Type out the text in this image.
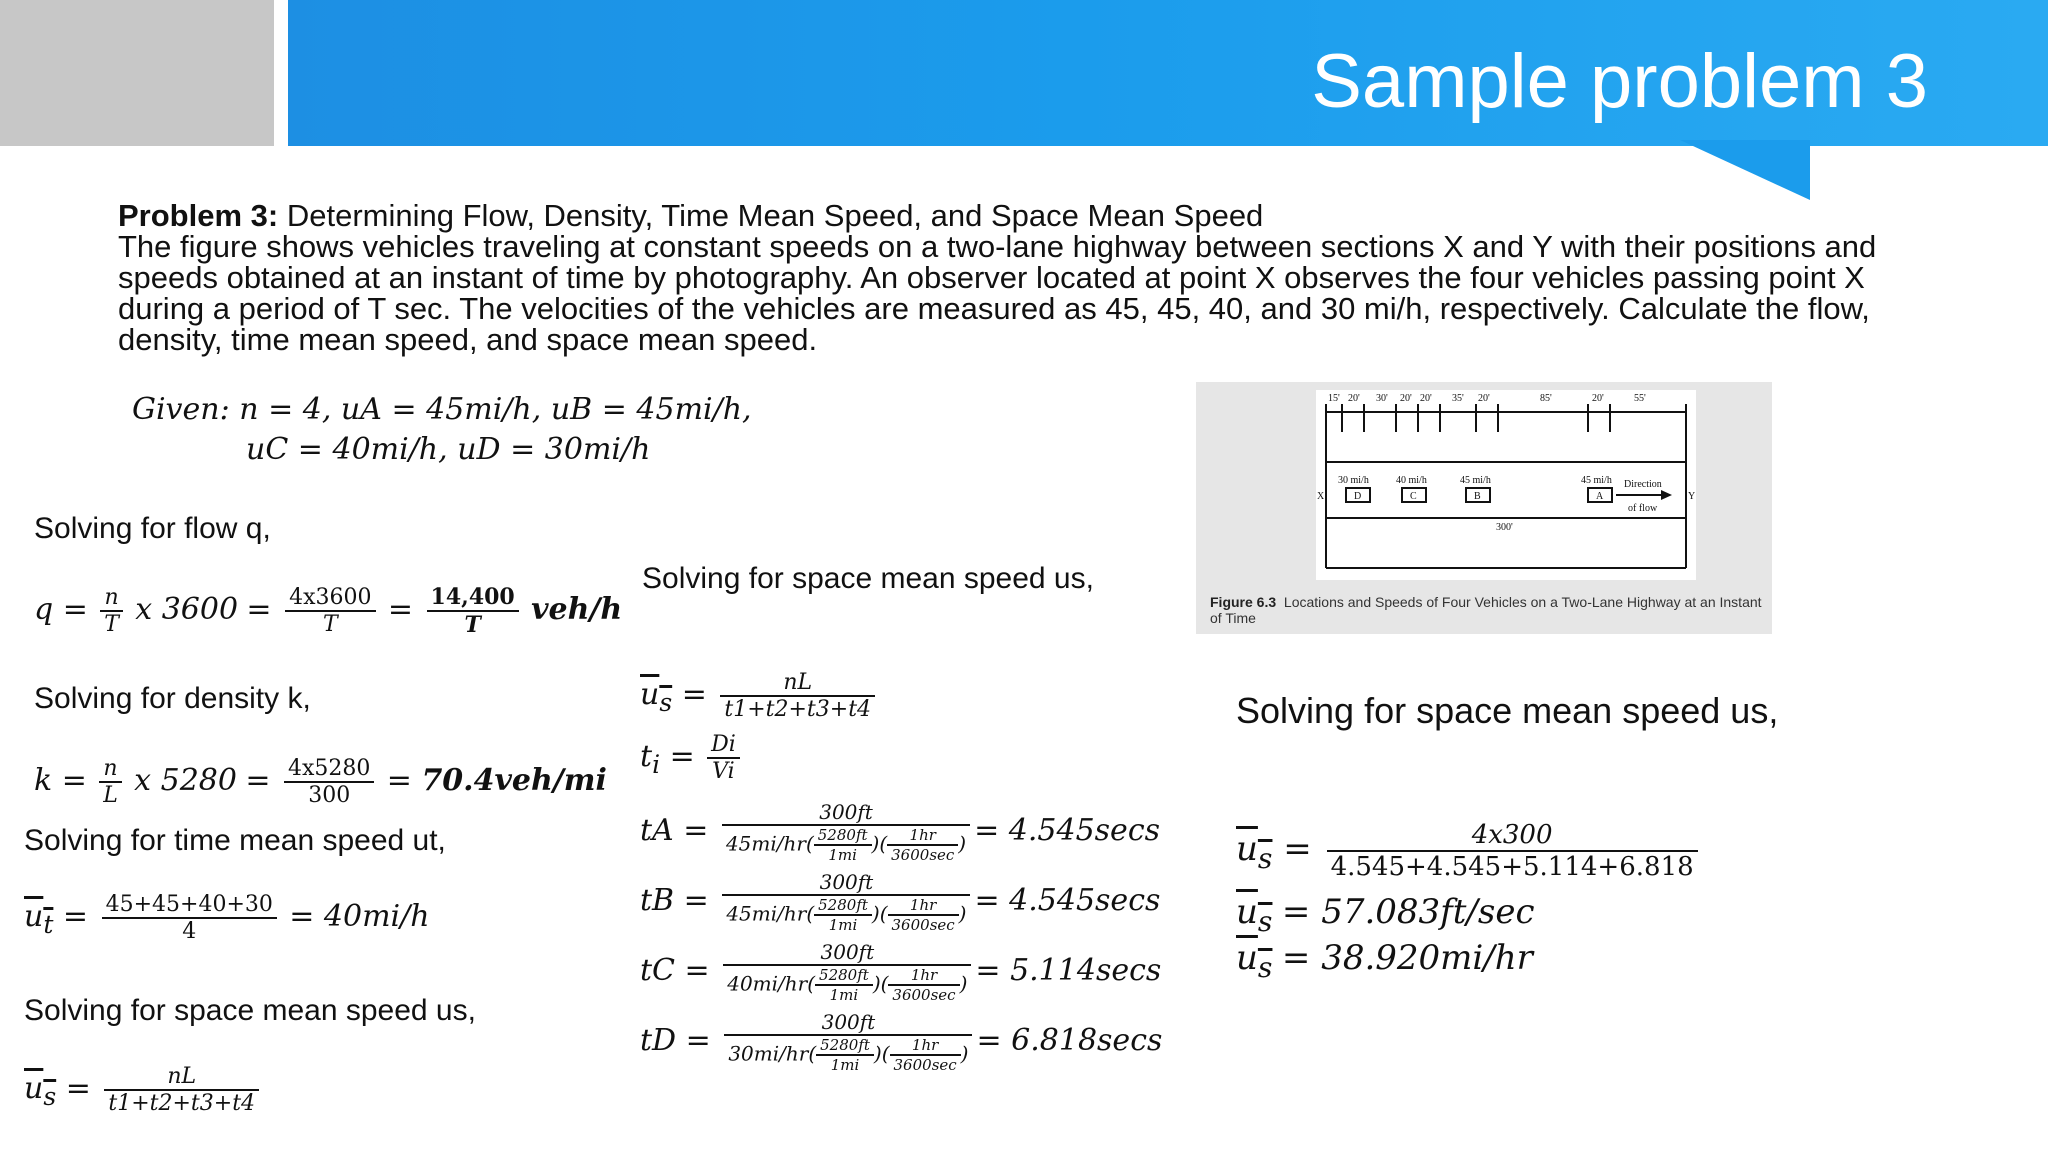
Sample problem 3
Problem 3: Determining Flow, Density, Time Mean Speed, and Space Mean Speed
The figure shows vehicles traveling at constant speeds on a two-lane highway between sections X and Y with their positions and speeds obtained at an instant of time by photography. An observer located at point X observes the four vehicles passing point X during a period of T sec. The velocities of the vehicles are measured as 45, 45, 40, and 30 mi/h, respectively. Calculate the flow, density, time mean speed, and space mean speed.
Given: n = 4, uA = 45mi/h, uB = 45mi/h,
uC = 40mi/h, uD = 30mi/h
Solving for flow q,
$q = \frac{n}{T}$ x $3600 = \frac{4x3600}{T} = \frac{14,400}{T} veh/h$
Solving for density k,
$k = \frac{n}{L}$ x $5280 = \frac{4x5280}{300} = 70.4veh/mi$
Solving for time mean speed ut,
$u_t = \frac{45+45+40+30}{4} = 40mi/h$
Solving for space mean speed us,
$u_s = \frac{nL}{t1+t2+t3+t4}$
Solving for space mean speed us,
$u_s = \frac{nL}{t1+t2+t3+t4}$
$t_i = \frac{Di}{Vi}$
tA = $\frac{300ft}{45mi/hr( \frac{5280ft}{1mi} )( \frac{1hr}{3600\sec} )} = 4.545\sec s$
tB = $\frac{300ft}{45mi/hr( \frac{5280ft}{1mi} )( \frac{1hr}{3600\sec} )} = 4.545\sec s$
tC = $\frac{300ft}{40mi/hr( \frac{5280ft}{1mi} )( \frac{1hr}{3600\sec} )} = 5.114\sec s$
tD = $\frac{300ft}{30mi/hr( \frac{5280ft}{1mi} )( \frac{1hr}{3600\sec} )} = 6.818\sec s$
15' 20' 30' 20' 20' 35' 20'	85'	20'	55'
30 mi/h	40 mi/h	45 mi/h	45 mi/h
D	C	B	A
Direction
of flow
X	Y
300'
Figure 6.3 Locations and Speeds of Four Vehicles on a Two-Lane Highway at an Instant of Time
Solving for space mean speed us,
$u_s = \frac{4x300}{4.545+4.545+5.114+6.818}$
$u_s = 57.083ft/\sec$
$u_s = 38.920mi/hr$
